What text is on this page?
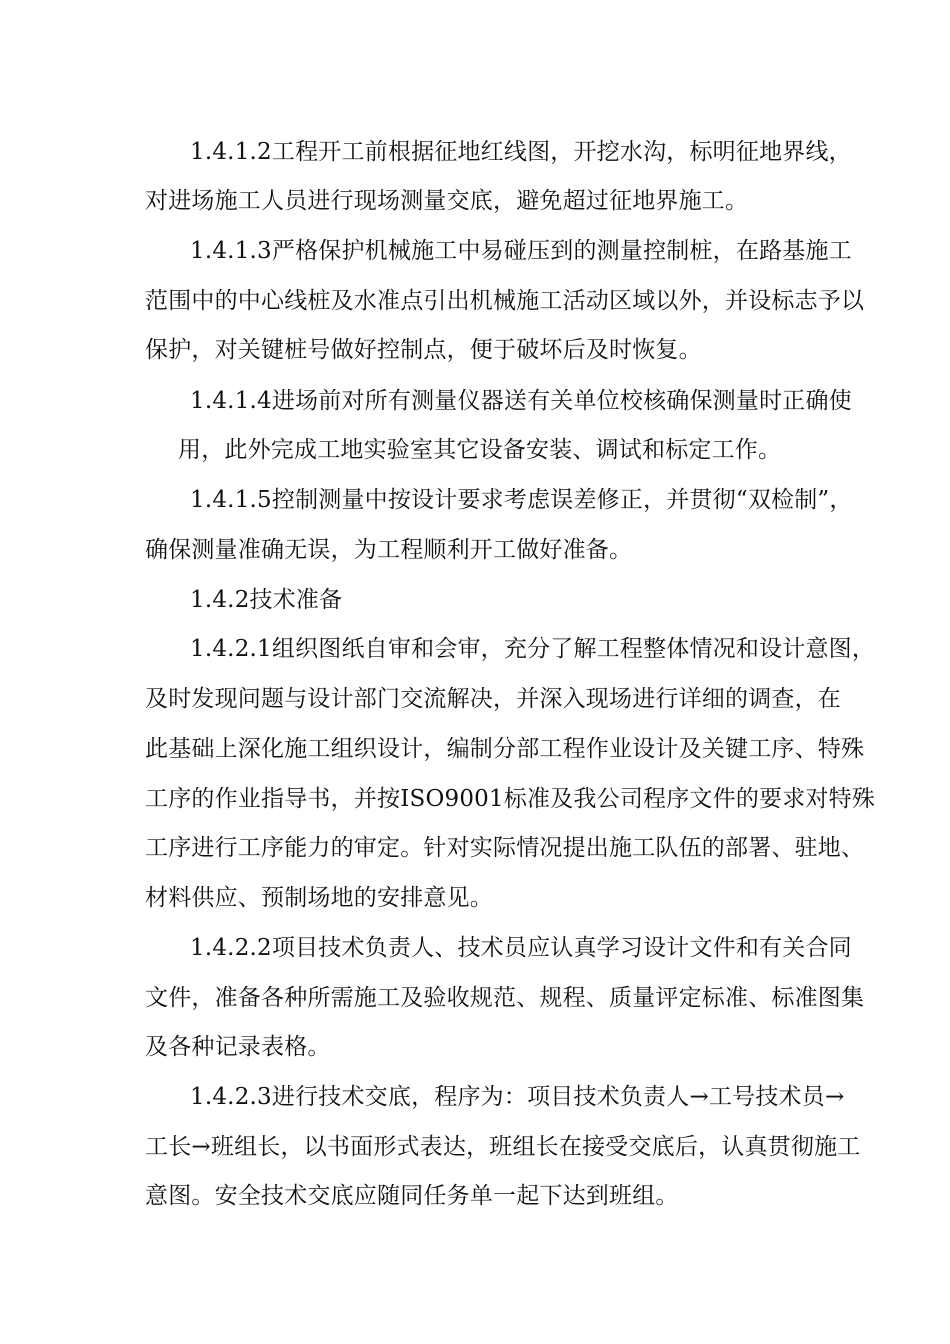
1.4.1.2工程开工前根据征地红线图，开挖水沟，标明征地界线，
对进场施工人员进行现场测量交底，避免超过征地界施工。
1.4.1.3严格保护机械施工中易碰压到的测量控制桩，在路基施工
范围中的中心线桩及水准点引出机械施工活动区域以外，并设标志予以
保护，对关键桩号做好控制点，便于破坏后及时恢复。
1.4.1.4进场前对所有测量仪器送有关单位校核确保测量时正确使
用，此外完成工地实验室其它设备安装、调试和标定工作。
1.4.1.5控制测量中按设计要求考虑误差修正，并贯彻“双检制”，
确保测量准确无误，为工程顺利开工做好准备。
1.4.2技术准备
1.4.2.1组织图纸自审和会审，充分了解工程整体情况和设计意图，
及时发现问题与设计部门交流解决，并深入现场进行详细的调查，在
此基础上深化施工组织设计，编制分部工程作业设计及关键工序、特殊
工序的作业指导书，并按ISO9001标准及我公司程序文件的要求对特殊
工序进行工序能力的审定。针对实际情况提出施工队伍的部署、驻地、
材料供应、预制场地的安排意见。
1.4.2.2项目技术负责人、技术员应认真学习设计文件和有关合同
文件，准备各种所需施工及验收规范、规程、质量评定标准、标准图集
及各种记录表格。
1.4.2.3进行技术交底，程序为：项目技术负责人→工号技术员→
工长→班组长，以书面形式表达，班组长在接受交底后，认真贯彻施工
意图。安全技术交底应随同任务单一起下达到班组。
